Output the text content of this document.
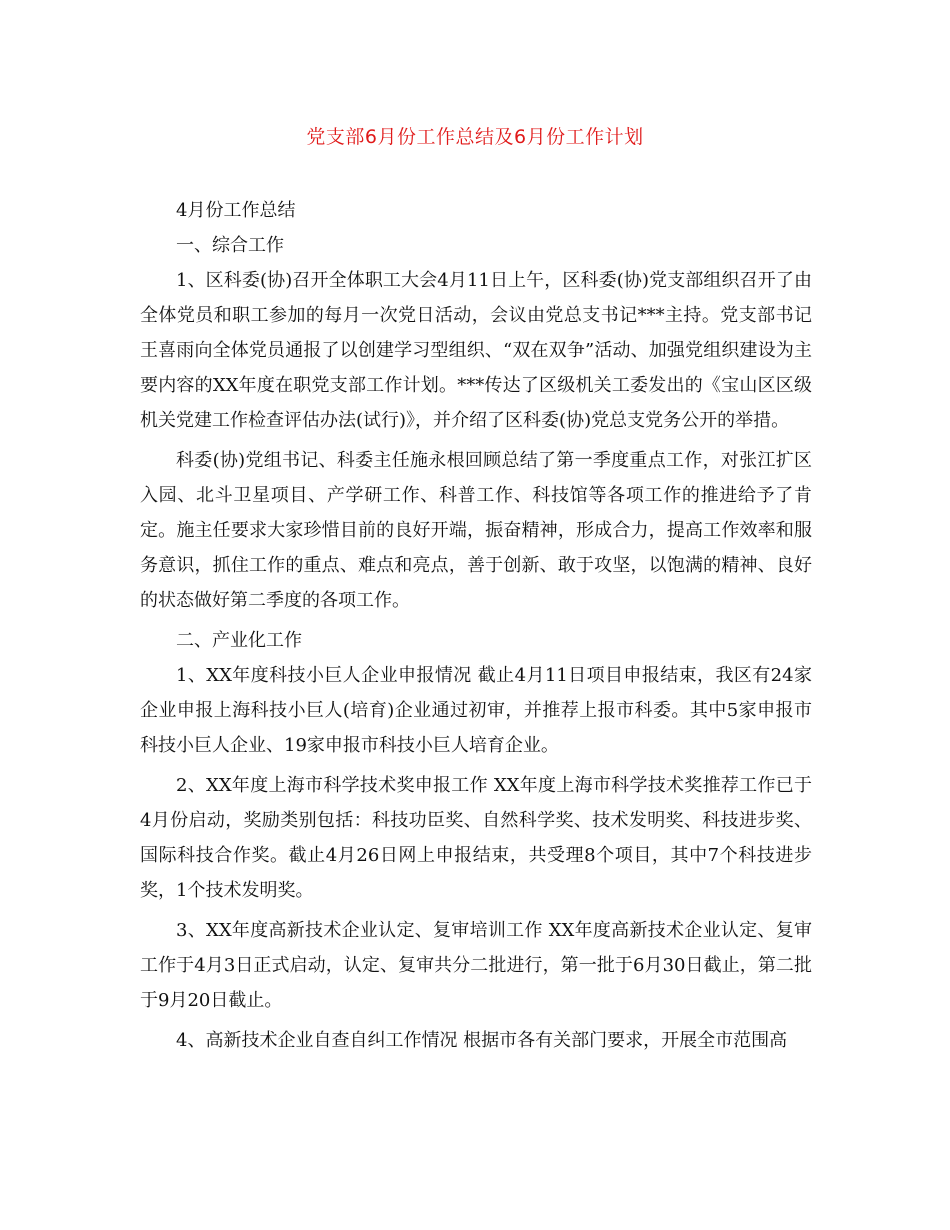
党支部6月份工作总结及6月份工作计划

4月份工作总结

一、综合工作

1、区科委(协)召开全体职工大会4月11日上午，区科委(协)党支部组织召开了由全体党员和职工参加的每月一次党日活动，会议由党总支书记***主持。党支部书记王喜雨向全体党员通报了以创建学习型组织、“双在双争”活动、加强党组织建设为主要内容的XX年度在职党支部工作计划。***传达了区级机关工委发出的《宝山区区级机关党建工作检查评估办法(试行)》，并介绍了区科委(协)党总支党务公开的举措。

科委(协)党组书记、科委主任施永根回顾总结了第一季度重点工作，对张江扩区入园、北斗卫星项目、产学研工作、科普工作、科技馆等各项工作的推进给予了肯定。施主任要求大家珍惜目前的良好开端，振奋精神，形成合力，提高工作效率和服务意识，抓住工作的重点、难点和亮点，善于创新、敢于攻坚，以饱满的精神、良好的状态做好第二季度的各项工作。

二、产业化工作

1、XX年度科技小巨人企业申报情况 截止4月11日项目申报结束，我区有24家企业申报上海科技小巨人(培育)企业通过初审，并推荐上报市科委。其中5家申报市科技小巨人企业、19家申报市科技小巨人培育企业。

2、XX年度上海市科学技术奖申报工作 XX年度上海市科学技术奖推荐工作已于4月份启动，奖励类别包括：科技功臣奖、自然科学奖、技术发明奖、科技进步奖、国际科技合作奖。截止4月26日网上申报结束，共受理8个项目，其中7个科技进步奖，1个技术发明奖。

3、XX年度高新技术企业认定、复审培训工作 XX年度高新技术企业认定、复审工作于4月3日正式启动，认定、复审共分二批进行，第一批于6月30日截止，第二批于9月20日截止。

4、高新技术企业自查自纠工作情况 根据市各有关部门要求，开展全市范围高
